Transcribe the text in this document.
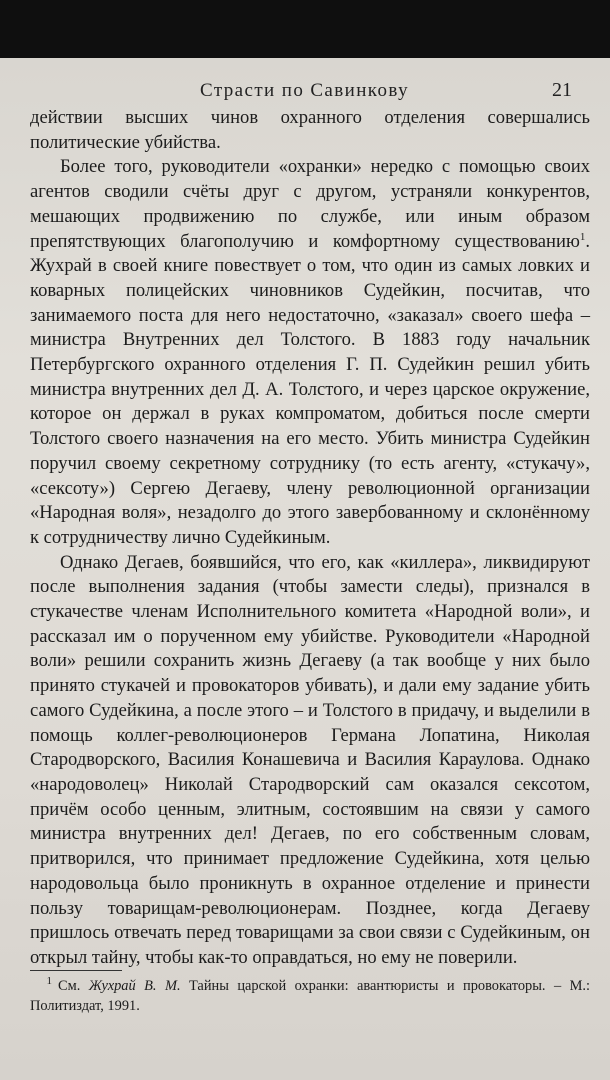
Страсти по Савинкову	21

действии высших чинов охранного отделения совершались политические убийства.

Более того, руководители «охранки» нередко с помощью своих агентов сводили счёты друг с другом, устраняли конкурентов, мешающих продвижению по службе, или иным образом препятствующих благополучию и комфортному существованию$^1$. Жухрай в своей книге повествует о том, что один из самых ловких и коварных полицейских чиновников Судейкин, посчитав, что занимаемого поста для него недостаточно, «заказал» своего шефа – министра Внутренних дел Толстого. В 1883 году начальник Петербургского охранного отделения Г. П. Судейкин решил убить министра внутренних дел Д. А. Толстого, и через царское окружение, которое он держал в руках компроматом, добиться после смерти Толстого своего назначения на его место. Убить министра Судейкин поручил своему секретному сотруднику (то есть агенту, «стукачу», «сексоту») Сергею Дегаеву, члену революционной организации «Народная воля», незадолго до этого завербованному и склонённому к сотрудничеству лично Судейкиным.

Однако Дегаев, боявшийся, что его, как «киллера», ликвидируют после выполнения задания (чтобы замести следы), признался в стукачестве членам Исполнительного комитета «Народной воли», и рассказал им о порученном ему убийстве. Руководители «Народной воли» решили сохранить жизнь Дегаеву (а так вообще у них было принято стукачей и провокаторов убивать), и дали ему задание убить самого Судейкина, а после этого – и Толстого в придачу, и выделили в помощь коллег-революционеров Германа Лопатина, Николая Стародворского, Василия Конашевича и Василия Караулова. Однако «народоволец» Николай Стародворский сам оказался сексотом, причём особо ценным, элитным, состоявшим на связи у самого министра внутренних дел! Дегаев, по его собственным словам, притворился, что принимает предложение Судейкина, хотя целью народовольца было проникнуть в охранное отделение и принести пользу товарищам-революционерам. Позднее, когда Дегаеву пришлось отвечать перед товарищами за свои связи с Судейкиным, он открыл тайну, чтобы как-то оправдаться, но ему не поверили.

1 См. Жухрай В. М. Тайны царской охранки: авантюристы и провокаторы. – М.: Политиздат, 1991.
